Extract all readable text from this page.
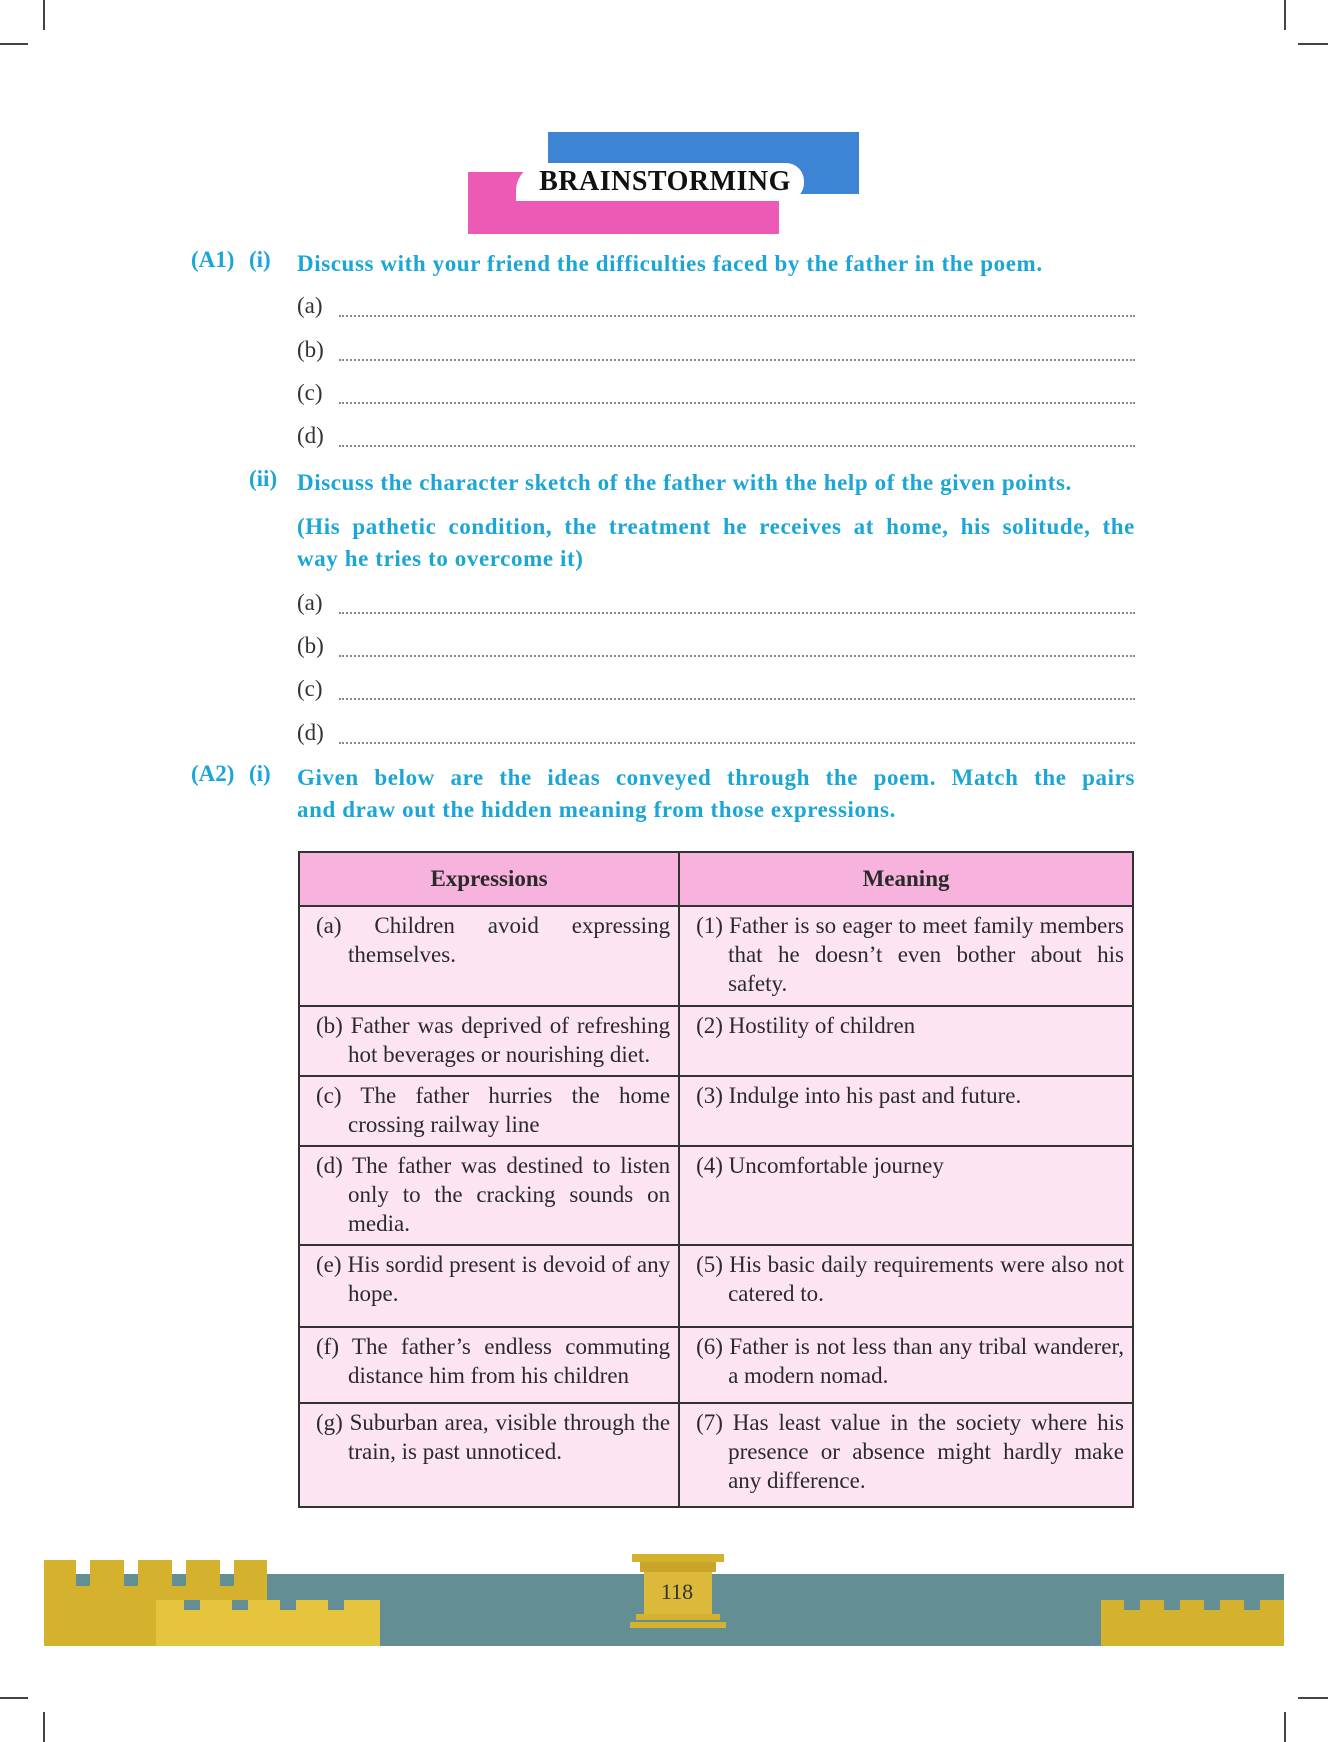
BRAINSTORMING
(A1) (i) Discuss with your friend the difficulties faced by the father in the poem.
(a)
(b)
(c)
(d)
(ii) Discuss the character sketch of the father with the help of the given points.
(His pathetic condition, the treatment he receives at home, his solitude, the
way he tries to overcome it)
(a)
(b)
(c)
(d)
(A2) (i) Given below are the ideas conveyed through the poem. Match the pairs
and draw out the hidden meaning from those expressions.
Expressions	Meaning

(a) Children avoid expressing themselves.	(1) Father is so eager to meet family members that he doesn’t even bother about his safety.

(b) Father was deprived of refreshing hot beverages or nourishing diet.	(2) Hostility of children

(c) The father hurries the home crossing railway line	(3) Indulge into his past and future.

(d) The father was destined to listen only to the cracking sounds on media.	(4) Uncomfortable journey

(e) His sordid present is devoid of any hope.	(5) His basic daily requirements were also not catered to.

(f) The father’s endless commuting distance him from his children	(6) Father is not less than any tribal wanderer, a modern nomad.

(g) Suburban area, visible through the train, is past unnoticed.	(7) Has least value in the society where his presence or absence might hardly make any difference.
118
